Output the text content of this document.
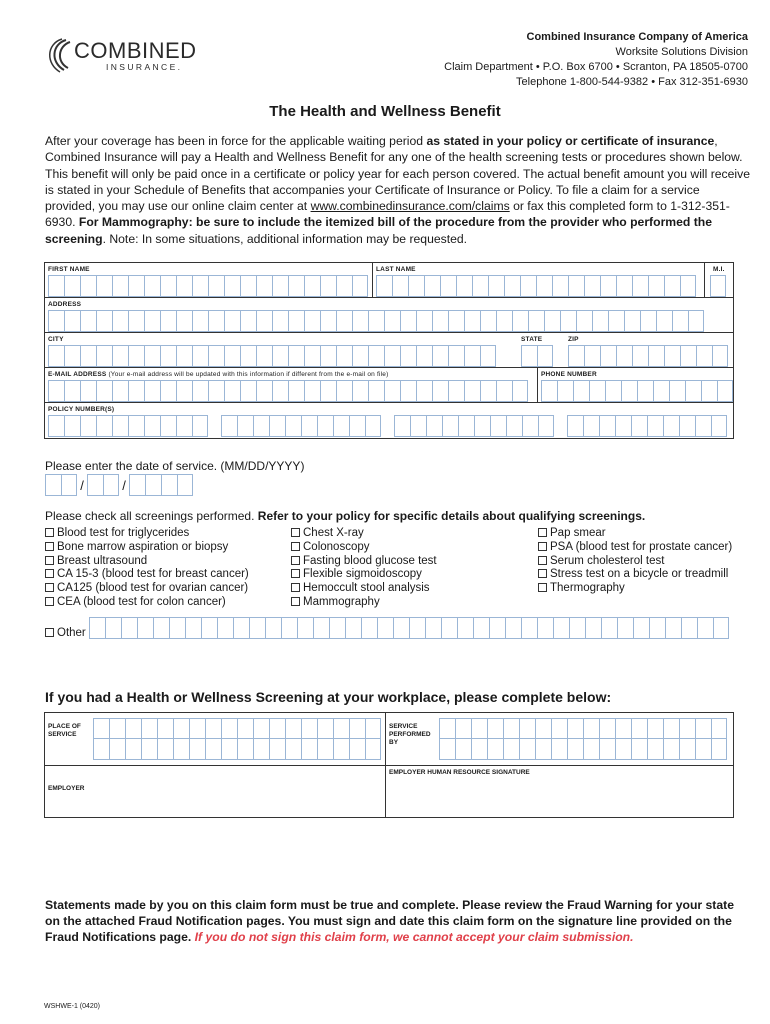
COMBINED
INSURANCE.
Combined Insurance Company of America
Worksite Solutions Division
Claim Department • P.O. Box 6700 • Scranton, PA 18505-0700
Telephone 1-800-544-9382 • Fax 312-351-6930
The Health and Wellness Benefit
After your coverage has been in force for the applicable waiting period as stated in your policy or certificate of insurance, Combined Insurance will pay a Health and Wellness Benefit for any one of the health screening tests or procedures shown below. This benefit will only be paid once in a certificate or policy year for each person covered. The actual benefit amount you will receive is stated in your Schedule of Benefits that accompanies your Certificate of Insurance or Policy. To file a claim for a service provided, you may use our online claim center at www.combinedinsurance.com/claims or fax this completed form to 1-312-351-6930. For Mammography: be sure to include the itemized bill of the procedure from the provider who performed the screening. Note: In some situations, additional information may be requested.
FIRST NAME	LAST NAME	M.I.
ADDRESS
CITY	STATE	ZIP
E-MAIL ADDRESS (Your e-mail address will be updated with this information if different from the e-mail on file)	PHONE NUMBER
POLICY NUMBER(S)
Please enter the date of service. (MM/DD/YYYY)
/	/
Please check all screenings performed. Refer to your policy for specific details about qualifying screenings.
Blood test for triglycerides
Bone marrow aspiration or biopsy
Breast ultrasound
CA 15-3 (blood test for breast cancer)
CA125 (blood test for ovarian cancer)
CEA (blood test for colon cancer)
Chest X-ray
Colonoscopy
Fasting blood glucose test
Flexible sigmoidoscopy
Hemoccult stool analysis
Mammography
Pap smear
PSA (blood test for prostate cancer)
Serum cholesterol test
Stress test on a bicycle or treadmill
Thermography
Other
If you had a Health or Wellness Screening at your workplace, please complete below:
PLACE OF SERVICE
SERVICE PERFORMED BY
EMPLOYER
EMPLOYER HUMAN RESOURCE SIGNATURE
Statements made by you on this claim form must be true and complete. Please review the Fraud Warning for your state on the attached Fraud Notification pages. You must sign and date this claim form on the signature line provided on the Fraud Notifications page. If you do not sign this claim form, we cannot accept your claim submission.
WSHWE-1 (0420)
